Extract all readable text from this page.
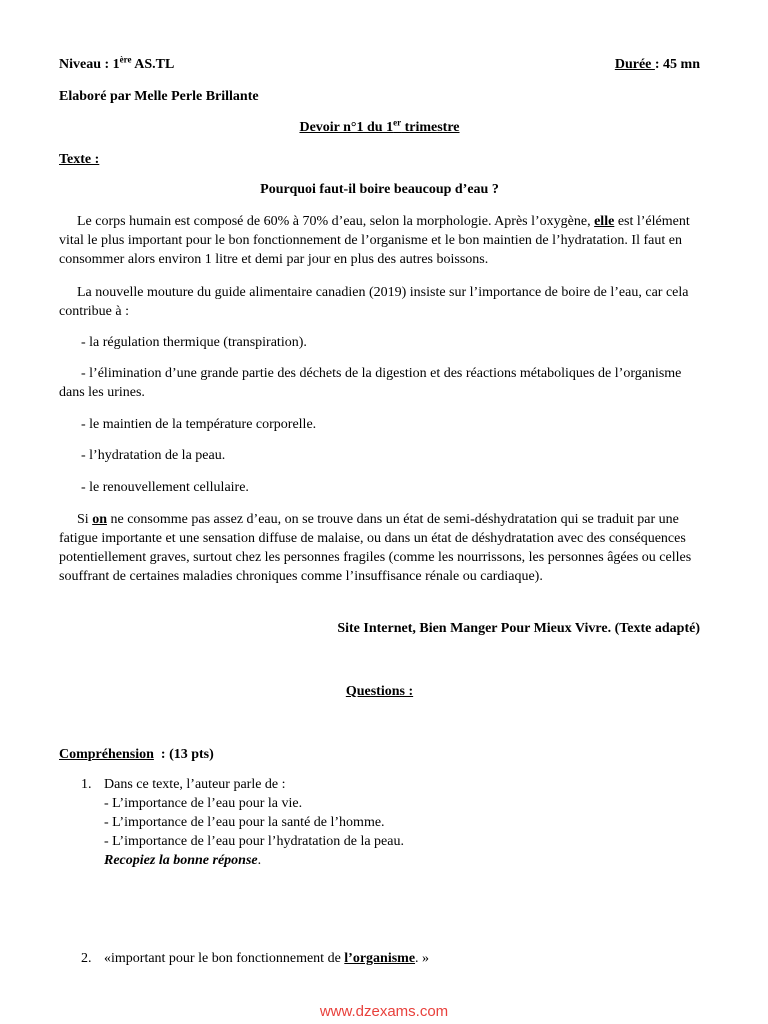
Niveau : 1ère AS.TL	Durée : 45 mn
Elaboré par Melle Perle Brillante
Devoir n°1 du 1er trimestre
Texte :
Pourquoi faut-il boire beaucoup d’eau ?
Le corps humain est composé de 60% à 70% d’eau, selon la morphologie. Après l’oxygène, elle est l’élément vital le plus important pour le bon fonctionnement de l’organisme et le bon maintien de l’hydratation. Il faut en consommer alors environ 1 litre et demi par jour en plus des autres boissons.
La nouvelle mouture du guide alimentaire canadien (2019) insiste sur l’importance de boire de l’eau, car cela contribue à :
- la régulation thermique (transpiration).
- l’élimination d’une grande partie des déchets de la digestion et des réactions métaboliques de l’organisme dans les urines.
- le maintien de la température corporelle.
- l’hydratation de la peau.
- le renouvellement cellulaire.
Si on ne consomme pas assez d’eau, on se trouve dans un état de semi-déshydratation qui se traduit par une fatigue importante et une sensation diffuse de malaise, ou dans un état de déshydratation avec des conséquences potentiellement graves, surtout chez les personnes fragiles (comme les nourrissons, les personnes âgées ou celles souffrant de certaines maladies chroniques comme l’insuffisance rénale ou cardiaque).
Site Internet, Bien Manger Pour Mieux Vivre. (Texte adapté)
Questions :
Compréhension  : (13 pts)
1. Dans ce texte, l’auteur parle de :
- L’importance de l’eau pour la vie.
- L’importance de l’eau pour la santé de l’homme.
- L’importance de l’eau pour l’hydratation de la peau.
Recopiez la bonne réponse.
2. «important pour le bon fonctionnement de l’organisme. »
www.dzexams.com
